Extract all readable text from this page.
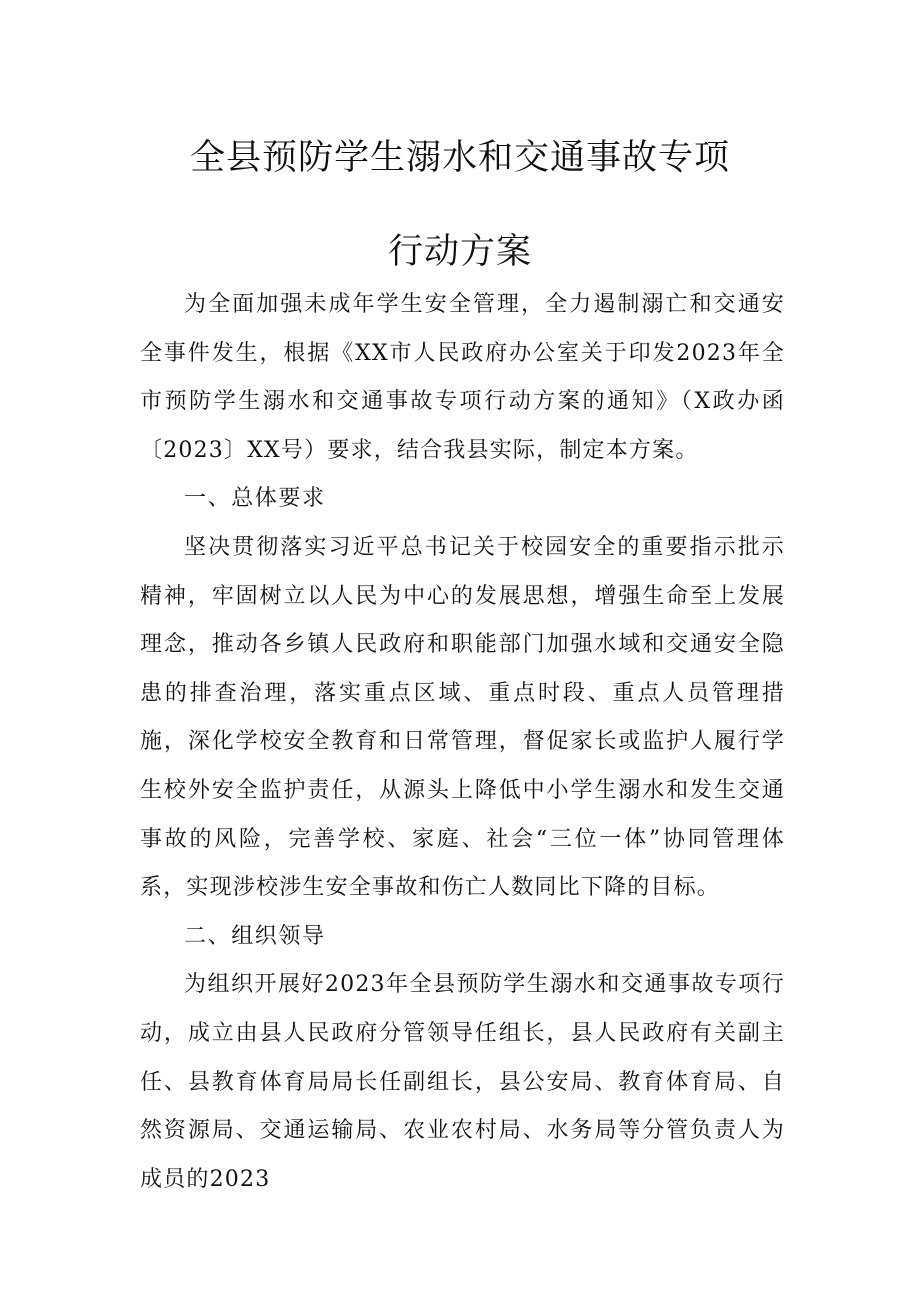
全县预防学生溺水和交通事故专项
行动方案

为全面加强未成年学生安全管理，全力遏制溺亡和交通安全事件发生，根据《XX市人民政府办公室关于印发2023年全市预防学生溺水和交通事故专项行动方案的通知》（X政办函〔2023〕XX号）要求，结合我县实际，制定本方案。

一、总体要求

坚决贯彻落实习近平总书记关于校园安全的重要指示批示精神，牢固树立以人民为中心的发展思想，增强生命至上发展理念，推动各乡镇人民政府和职能部门加强水域和交通安全隐患的排查治理，落实重点区域、重点时段、重点人员管理措施，深化学校安全教育和日常管理，督促家长或监护人履行学生校外安全监护责任，从源头上降低中小学生溺水和发生交通事故的风险，完善学校、家庭、社会“三位一体”协同管理体系，实现涉校涉生安全事故和伤亡人数同比下降的目标。

二、组织领导

为组织开展好2023年全县预防学生溺水和交通事故专项行动，成立由县人民政府分管领导任组长，县人民政府有关副主任、县教育体育局局长任副组长，县公安局、教育体育局、自然资源局、交通运输局、农业农村局、水务局等分管负责人为成员的2023
